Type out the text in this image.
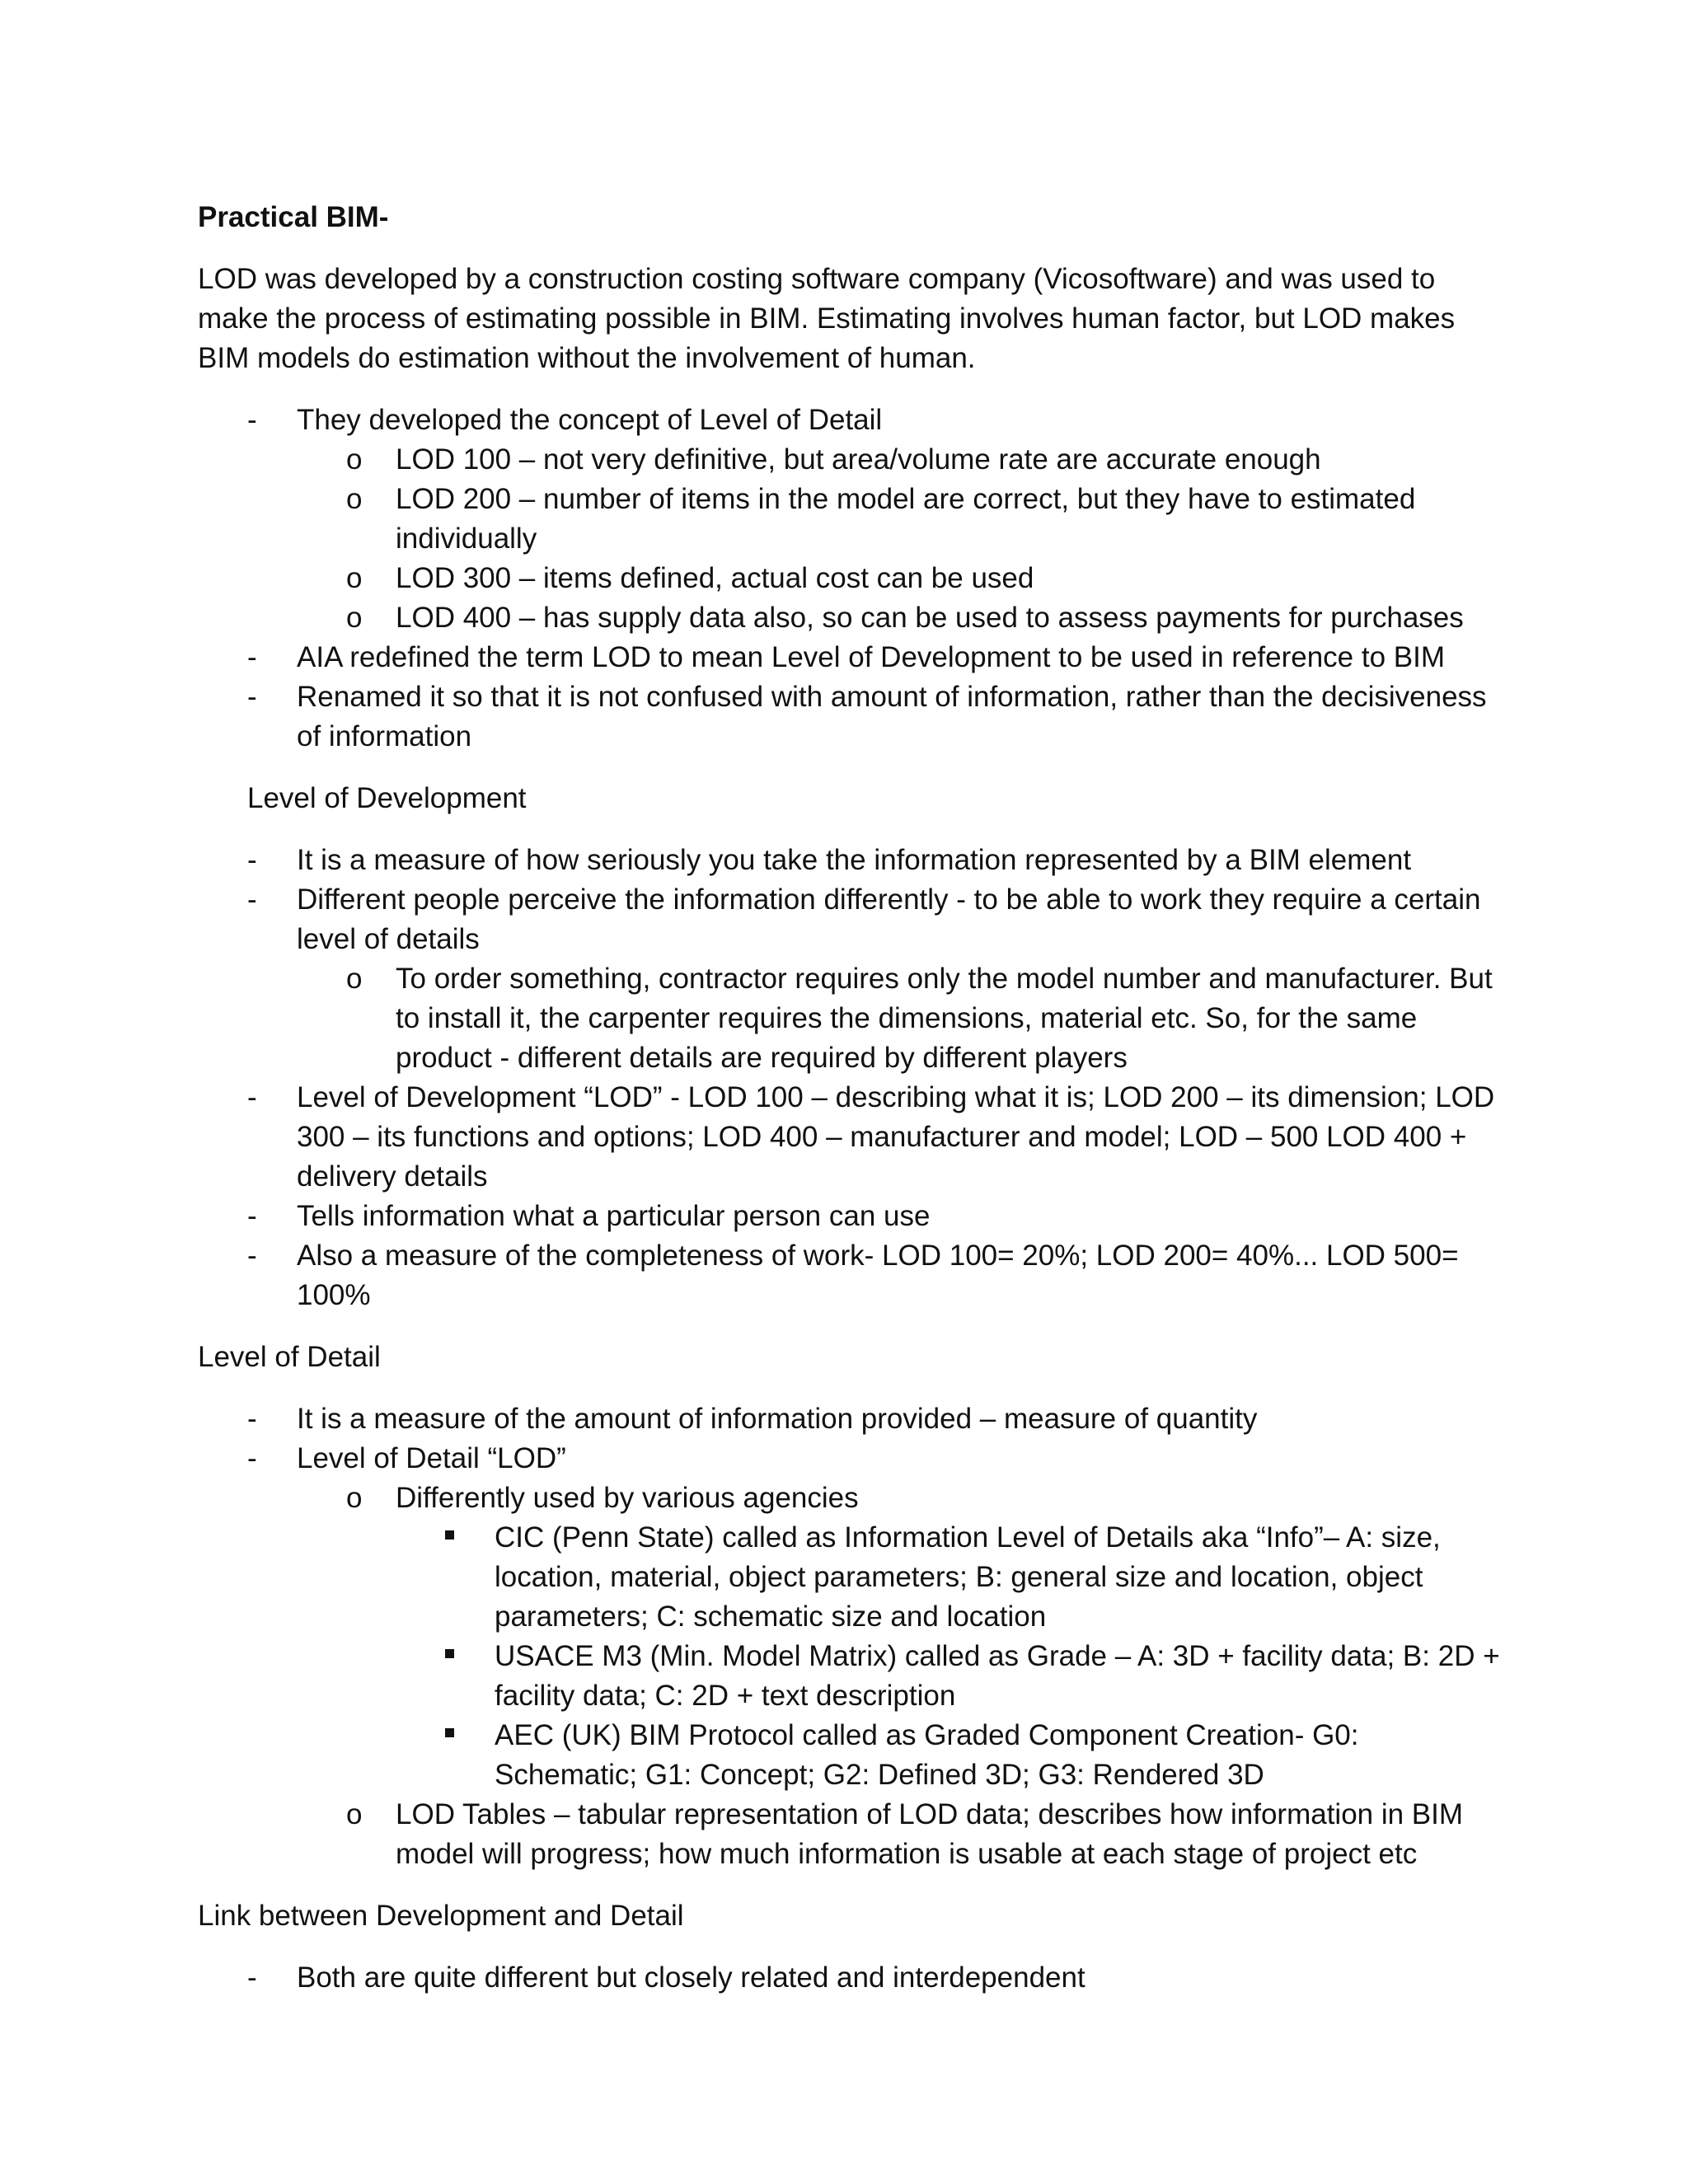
Practical BIM-

LOD was developed by a construction costing software company (Vicosoftware) and was used to make the process of estimating possible in BIM. Estimating involves human factor, but LOD makes BIM models do estimation without the involvement of human.

- They developed the concept of Level of Detail
o LOD 100 – not very definitive, but area/volume rate are accurate enough
o LOD 200 – number of items in the model are correct, but they have to estimated individually
o LOD 300 – items defined, actual cost can be used
o LOD 400 – has supply data also, so can be used to assess payments for purchases
- AIA redefined the term LOD to mean Level of Development to be used in reference to BIM
- Renamed it so that it is not confused with amount of information, rather than the decisiveness of information

Level of Development

- It is a measure of how seriously you take the information represented by a BIM element
- Different people perceive the information differently - to be able to work they require a certain level of details
o To order something, contractor requires only the model number and manufacturer. But to install it, the carpenter requires the dimensions, material etc. So, for the same product - different details are required by different players
- Level of Development “LOD” - LOD 100 – describing what it is; LOD 200 – its dimension; LOD 300 – its functions and options; LOD 400 – manufacturer and model; LOD – 500 LOD 400 + delivery details
- Tells information what a particular person can use
- Also a measure of the completeness of work- LOD 100= 20%; LOD 200= 40%... LOD 500= 100%

Level of Detail

- It is a measure of the amount of information provided – measure of quantity
- Level of Detail “LOD”
o Differently used by various agencies
CIC (Penn State) called as Information Level of Details aka “Info”– A: size, location, material, object parameters; B: general size and location, object parameters; C: schematic size and location
USACE M3 (Min. Model Matrix) called as Grade – A: 3D + facility data; B: 2D + facility data; C: 2D + text description
AEC (UK) BIM Protocol called as Graded Component Creation- G0: Schematic; G1: Concept; G2: Defined 3D; G3: Rendered 3D
o LOD Tables – tabular representation of LOD data; describes how information in BIM model will progress; how much information is usable at each stage of project etc

Link between Development and Detail

- Both are quite different but closely related and interdependent
